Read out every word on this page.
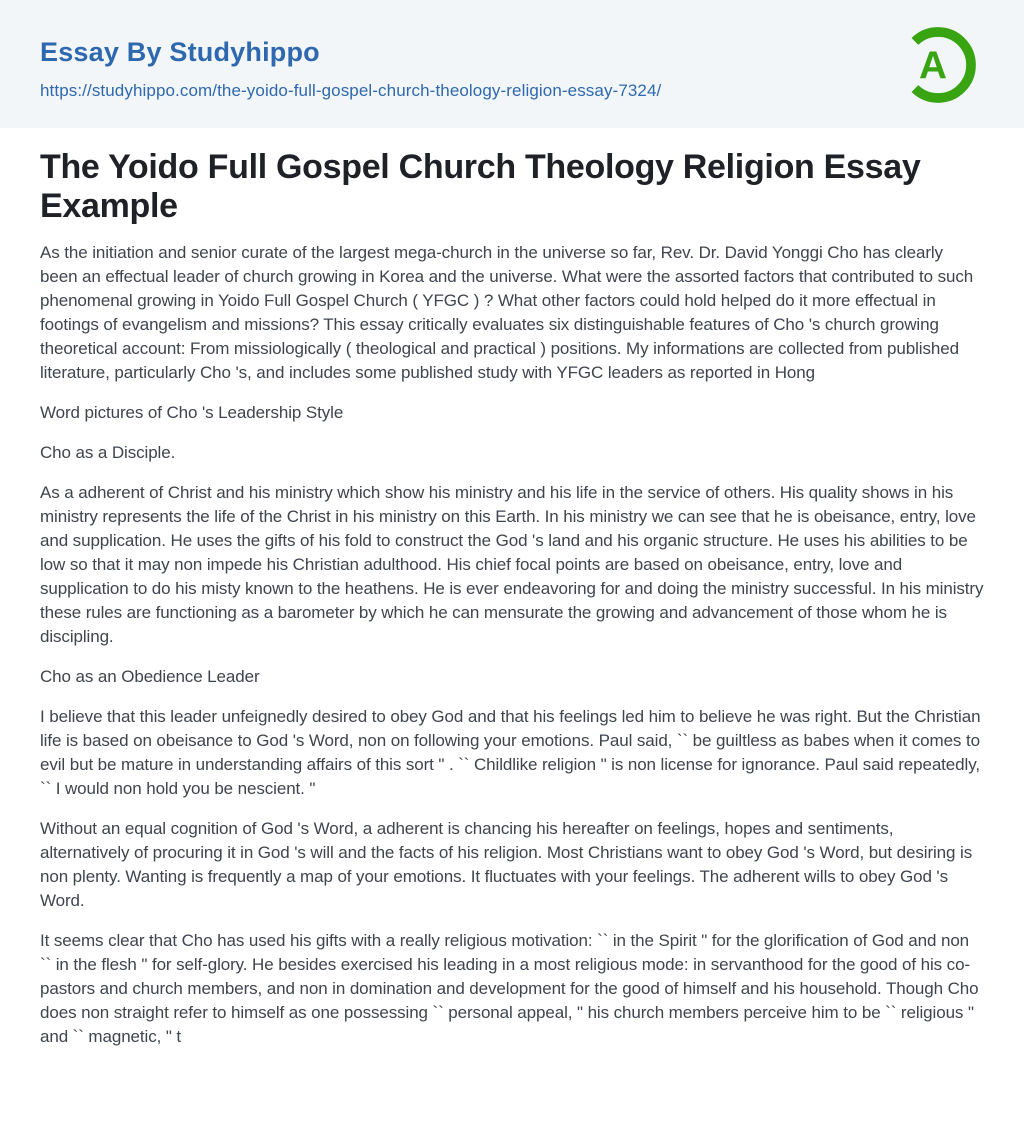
Essay By Studyhippo
https://studyhippo.com/the-yoido-full-gospel-church-theology-religion-essay-7324/
A
The Yoido Full Gospel Church Theology Religion Essay Example

As the initiation and senior curate of the largest mega-church in the universe so far, Rev. Dr. David Yonggi Cho has clearly been an effectual leader of church growing in Korea and the universe. What were the assorted factors that contributed to such phenomenal growing in Yoido Full Gospel Church ( YFGC ) ? What other factors could hold helped do it more effectual in footings of evangelism and missions? This essay critically evaluates six distinguishable features of Cho 's church growing theoretical account: From missiologically ( theological and practical ) positions. My informations are collected from published literature, particularly Cho 's, and includes some published study with YFGC leaders as reported in Hong

Word pictures of Cho 's Leadership Style

Cho as a Disciple.

As a adherent of Christ and his ministry which show his ministry and his life in the service of others. His quality shows in his ministry represents the life of the Christ in his ministry on this Earth. In his ministry we can see that he is obeisance, entry, love and supplication. He uses the gifts of his fold to construct the God 's land and his organic structure. He uses his abilities to be low so that it may non impede his Christian adulthood. His chief focal points are based on obeisance, entry, love and supplication to do his misty known to the heathens. He is ever endeavoring for and doing the ministry successful. In his ministry these rules are functioning as a barometer by which he can mensurate the growing and advancement of those whom he is discipling.

Cho as an Obedience Leader

I believe that this leader unfeignedly desired to obey God and that his feelings led him to believe he was right. But the Christian life is based on obeisance to God 's Word, non on following your emotions. Paul said, `` be guiltless as babes when it comes to evil but be mature in understanding affairs of this sort " . `` Childlike religion " is non license for ignorance. Paul said repeatedly, `` I would non hold you be nescient. "

Without an equal cognition of God 's Word, a adherent is chancing his hereafter on feelings, hopes and sentiments, alternatively of procuring it in God 's will and the facts of his religion. Most Christians want to obey God 's Word, but desiring is non plenty. Wanting is frequently a map of your emotions. It fluctuates with your feelings. The adherent wills to obey God 's Word.

It seems clear that Cho has used his gifts with a really religious motivation: `` in the Spirit " for the glorification of God and non `` in the flesh " for self-glory. He besides exercised his leading in a most religious mode: in servanthood for the good of his co-pastors and church members, and non in domination and development for the good of himself and his household. Though Cho does non straight refer to himself as one possessing `` personal appeal, " his church members perceive him to be `` religious " and `` magnetic, " t
